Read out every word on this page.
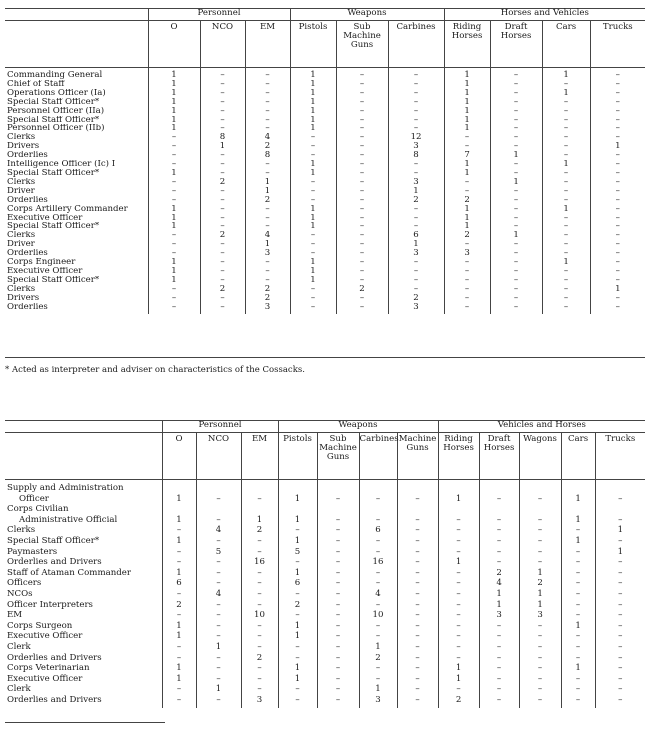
	Personnel			Weapons			Horses and Vehicles			
	O	NCO	EM	Pistols	Sub Machine Guns	Carbines	Riding Horses	Draft Horses	Cars	Trucks
Commanding General	1	–	–	1	–	–	1	–	1	–
Chief of Staff	1	–	–	1	–	–	1	–	–	–
Operations Officer (Ia)	1	–	–	1	–	–	1	–	1	–
Special Staff Officer*	1	–	–	1	–	–	1	–	–	–
Personnel Officer (IIa)	1	–	–	1	–	–	1	–	–	–
Special Staff Officer*	1	–	–	1	–	–	1	–	–	–
Personnel Officer (IIb)	1	–	–	1	–	–	1	–	–	–
Clerks	–	8	4	–	–	12	–	–	–	–
Drivers	–	1	2	–	–	3	–	–	–	1
Orderlies	–	–	8	–	–	8	7	1	–	–
Intelligence Officer (Ic) I	–	–	–	1	–	–	1	–	1	–
Special Staff Officer*	1	–	–	1	–	–	1	–	–	–
Clerks	–	2	1	–	–	3	–	1	–	–
Driver	–	–	1	–	–	1	–	–	–	–
Orderlies	–	–	2	–	–	2	2	–	–	–
Corps Artillery Commander	1	–	–	1	–	–	1	–	1	–
Executive Officer	1	–	–	1	–	–	1	–	–	–
Special Staff Officer*	1	–	–	1	–	–	1	–	–	–
Clerks	–	2	4	–	–	6	2	1	–	–
Driver	–	–	1	–	–	1	–	–	–	–
Orderlies	–	–	3	–	–	3	3	–	–	–
Corps Engineer	1	–	–	1	–	–	–	–	1	–
Executive Officer	1	–	–	1	–	–	–	–	–	–
Special Staff Officer*	1	–	–	1	–	–	–	–	–	–
Clerks	–	2	2	–	2	–	–	–	–	1
Drivers	–	–	2	–	–	2	–	–	–	–
Orderlies	–	–	3	–	–	3	–	–	–	–
* Acted as interpreter and adviser on characteristics of the Cossacks.
	Personnel			Weapons				Vehicles and Horses				
	O	NCO	EM	Pistols	Sub Machine Guns	Carbines	Machine Guns	Riding Horses	Draft Horses	Wagons	Cars	Trucks
Supply and Administration												
Officer	1	–	–	1	–	–	–	1	–	–	1	–
Corps Civilian												
Administrative Official	1	–	1	1	–	–	–	–	–	–	1	–
Clerks	–	4	2	–	–	6	–	–	–	–	–	1
Special Staff Officer*	1	–	–	1	–	–	–	–	–	–	1	–
Paymasters	–	5	–	5	–	–	–	–	–	–	–	1
Orderlies and Drivers	–	–	16	–	–	16	–	1	–	–	–	–
Staff of Ataman Commander	1	–	–	1	–	–	–	–	2	1	–	–
Officers	6	–	–	6	–	–	–	–	4	2	–	–
NCOs	–	4	–	–	–	4	–	–	1	1	–	–
Officer Interpreters	2	–	–	2	–	–	–	–	1	1	–	–
EM	–	–	10	–	–	10	–	–	3	3	–	–
Corps Surgeon	1	–	–	1	–	–	–	–	–	–	1	–
Executive Officer	1	–	–	1	–	–	–	–	–	–	–	–
Clerk	–	1	–	–	–	1	–	–	–	–	–	–
Orderlies and Drivers	–	–	2	–	–	2	–	–	–	–	–	–
Corps Veterinarian	1	–	–	1	–	–	–	1	–	–	1	–
Executive Officer	1	–	–	1	–	–	–	1	–	–	–	–
Clerk	–	1	–	–	–	1	–	–	–	–	–	–
Orderlies and Drivers	–	–	3	–	–	3	–	2	–	–	–	–
